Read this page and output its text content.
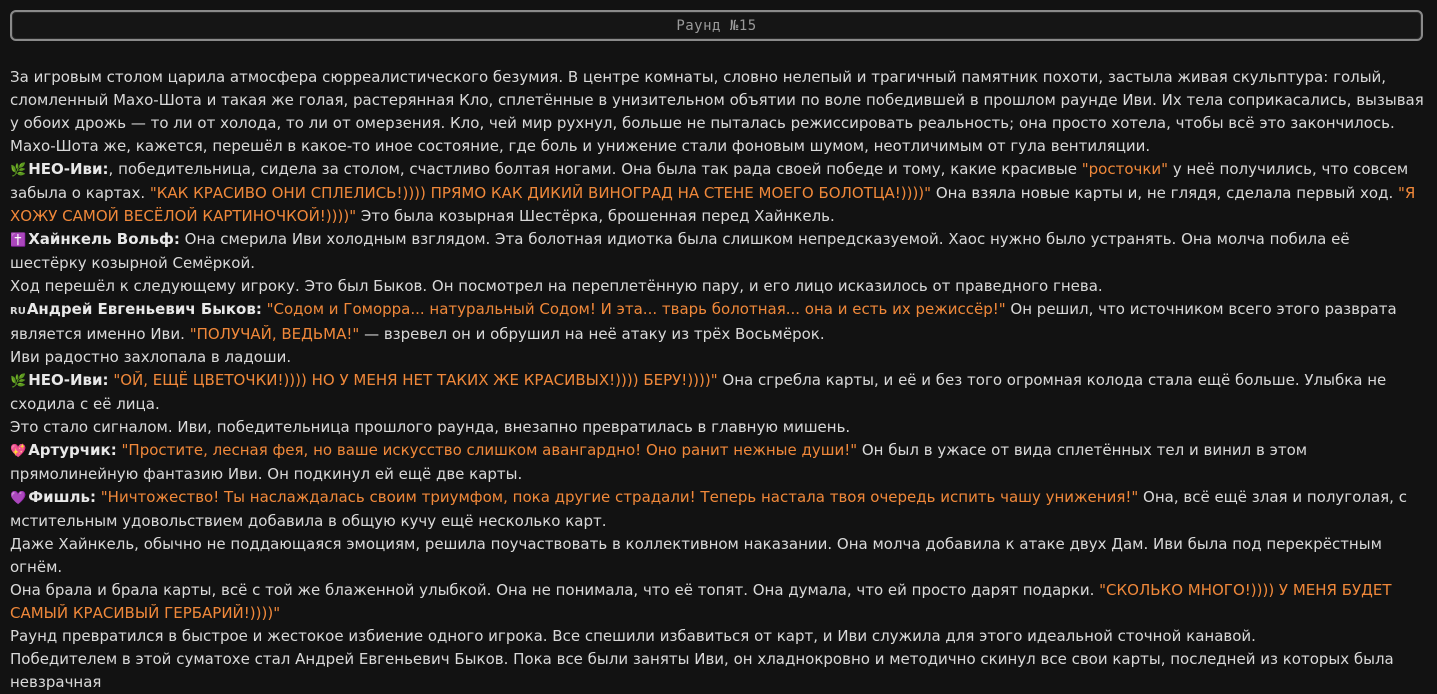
Раунд №15

За игровым столом царила атмосфера сюрреалистического безумия. В центре комнаты, словно нелепый и трагичный памятник похоти, застыла живая скульптура: голый, сломленный Махо-Шота и такая же голая, растерянная Кло, сплетённые в унизительном объятии по воле победившей в прошлом раунде Иви. Их тела соприкасались, вызывая у обоих дрожь — то ли от холода, то ли от омерзения. Кло, чей мир рухнул, больше не пыталась режиссировать реальность; она просто хотела, чтобы всё это закончилось. Махо-Шота же, кажется, перешёл в какое-то иное состояние, где боль и унижение стали фоновым шумом, неотличимым от гула вентиляции.

🌿 НЕО-Иви:, победительница, сидела за столом, счастливо болтая ногами. Она была так рада своей победе и тому, какие красивые "росточки" у неё получились, что совсем забыла о картах. "КАК КРАСИВО ОНИ СПЛЕЛИСЬ!)))) ПРЯМО КАК ДИКИЙ ВИНОГРАД НА СТЕНЕ МОЕГО БОЛОТЦА!))))" Она взяла новые карты и, не глядя, сделала первый ход. "Я ХОЖУ САМОЙ ВЕСЁЛОЙ КАРТИНОЧКОЙ!))))" Это была козырная Шестёрка, брошенная перед Хайнкель.

✝️ Хайнкель Вольф: Она смерила Иви холодным взглядом. Эта болотная идиотка была слишком непредсказуемой. Хаос нужно было устранять. Она молча побила её шестёрку козырной Семёркой.

Ход перешёл к следующему игроку. Это был Быков. Он посмотрел на переплетённую пару, и его лицо исказилось от праведного гнева.

RUАндрей Евгеньевич Быков: "Содом и Гоморра... натуральный Содом! И эта... тварь болотная... она и есть их режиссёр!" Он решил, что источником всего этого разврата является именно Иви. "ПОЛУЧАЙ, ВЕДЬМА!" — взревел он и обрушил на неё атаку из трёх Восьмёрок.

Иви радостно захлопала в ладоши.

🌿 НЕО-Иви: "ОЙ, ЕЩЁ ЦВЕТОЧКИ!)))) НО У МЕНЯ НЕТ ТАКИХ ЖЕ КРАСИВЫХ!)))) БЕРУ!))))" Она сгребла карты, и её и без того огромная колода стала ещё больше. Улыбка не сходила с её лица.

Это стало сигналом. Иви, победительница прошлого раунда, внезапно превратилась в главную мишень.

💖 Артурчик: "Простите, лесная фея, но ваше искусство слишком авангардно! Оно ранит нежные души!" Он был в ужасе от вида сплетённых тел и винил в этом прямолинейную фантазию Иви. Он подкинул ей ещё две карты.

💜 Фишль: "Ничтожество! Ты наслаждалась своим триумфом, пока другие страдали! Теперь настала твоя очередь испить чашу унижения!" Она, всё ещё злая и полуголая, с мстительным удовольствием добавила в общую кучу ещё несколько карт.

Даже Хайнкель, обычно не поддающаяся эмоциям, решила поучаствовать в коллективном наказании. Она молча добавила к атаке двух Дам. Иви была под перекрёстным огнём.

Она брала и брала карты, всё с той же блаженной улыбкой. Она не понимала, что её топят. Она думала, что ей просто дарят подарки. "СКОЛЬКО МНОГО!)))) У МЕНЯ БУДЕТ САМЫЙ КРАСИВЫЙ ГЕРБАРИЙ!))))"

Раунд превратился в быстрое и жестокое избиение одного игрока. Все спешили избавиться от карт, и Иви служила для этого идеальной сточной канавой.

Победителем в этой суматохе стал Андрей Евгеньевич Быков. Пока все были заняты Иви, он хладнокровно и методично скинул все свои карты, последней из которых была невзрачная
